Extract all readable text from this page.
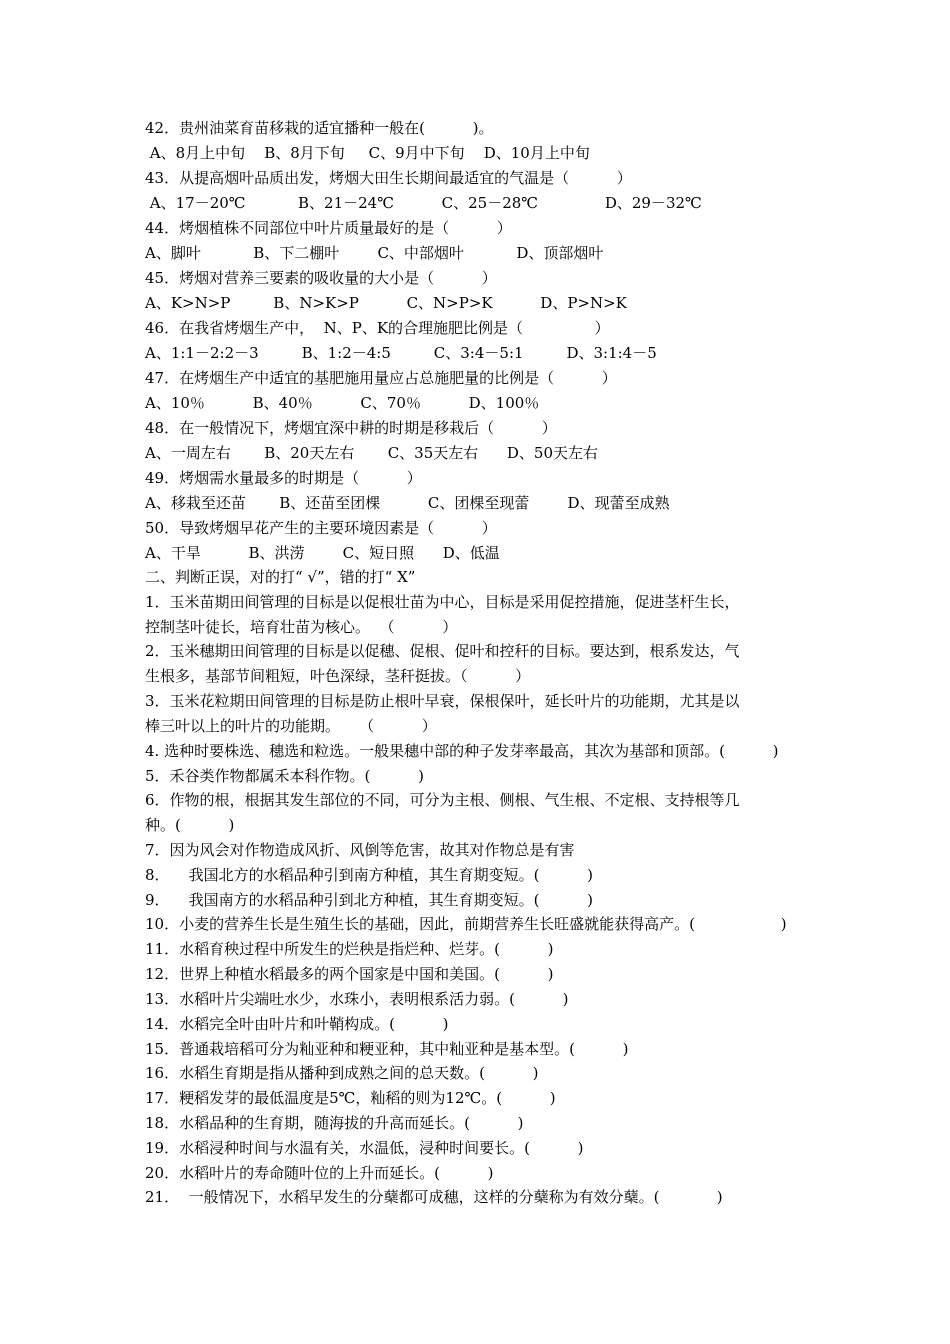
42．贵州油菜育苗移栽的适宜播种一般在(          )。
A、8月上中旬    B、8月下旬     C、9月中下旬    D、10月上中旬
43．从提高烟叶品质出发，烤烟大田生长期间最适宜的气温是（          ）
A、17－20℃           B、21－24℃          C、25－28℃              D、29－32℃
44．烤烟植株不同部位中叶片质量最好的是（          ）
A、脚叶           B、下二棚叶        C、中部烟叶           D、顶部烟叶
45．烤烟对营养三要素的吸收量的大小是（          ）
A、K>N>P         B、N>K>P          C、N>P>K          D、P>N>K
46．在我省烤烟生产中，  N、P、K的合理施肥比例是（               ）
A、1:1－2:2－3         B、1:2－4:5         C、3:4－5:1         D、3:1:4－5
47．在烤烟生产中适宜的基肥施用量应占总施肥量的比例是（          ）
A、10％          B、40％          C、70％          D、100％
48．在一般情况下，烤烟宜深中耕的时期是移栽后（          ）
A、一周左右       B、20天左右       C、35天左右      D、50天左右
49．烤烟需水量最多的时期是（          ）
A、移栽至还苗       B、还苗至团棵          C、团棵至现蕾        D、现蕾至成熟
50．导致烤烟早花产生的主要环境因素是（          ）
A、干旱          B、洪涝        C、短日照      D、低温
二、判断正误，对的打“ √”，错的打“ X”
1．玉米苗期田间管理的目标是以促根壮苗为中心，目标是采用促控措施，促进茎杆生长，
控制茎叶徒长，培育壮苗为核心。  （          ）
2．玉米穗期田间管理的目标是以促穗、促根、促叶和控秆的目标。要达到，根系发达，气
生根多，基部节间粗短，叶色深绿，茎秆挺拔。（          ）
3．玉米花粒期田间管理的目标是防止根叶早衰，保根保叶，延长叶片的功能期，尤其是以
棒三叶以上的叶片的功能期。    （          ）
4. 选种时要株选、穗选和粒选。一般果穗中部的种子发芽率最高，其次为基部和顶部。(          )
5．禾谷类作物都属禾本科作物。(          )
6．作物的根，根据其发生部位的不同，可分为主根、侧根、气生根、不定根、支持根等几
种。(          )
7．因为风会对作物造成风折、风倒等危害，故其对作物总是有害
8．    我国北方的水稻品种引到南方种植，其生育期变短。(          )
9．    我国南方的水稻品种引到北方种植，其生育期变短。(          )
10．小麦的营养生长是生殖生长的基础，因此，前期营养生长旺盛就能获得高产。(                  )
11．水稻育秧过程中所发生的烂秧是指烂种、烂芽。(          )
12．世界上种植水稻最多的两个国家是中国和美国。(          )
13．水稻叶片尖端吐水少，水珠小，表明根系活力弱。(          )
14．水稻完全叶由叶片和叶鞘构成。(          )
15．普通栽培稻可分为籼亚种和粳亚种，其中籼亚种是基本型。(          )
16．水稻生育期是指从播种到成熟之间的总天数。(          )
17．粳稻发芽的最低温度是5℃，籼稻的则为12℃。(          )
18．水稻品种的生育期，随海拔的升高而延长。(          )
19．水稻浸种时间与水温有关，水温低，浸种时间要长。(          )
20．水稻叶片的寿命随叶位的上升而延长。(          )
21．  一般情况下，水稻早发生的分蘖都可成穗，这样的分蘖称为有效分蘖。(            )
